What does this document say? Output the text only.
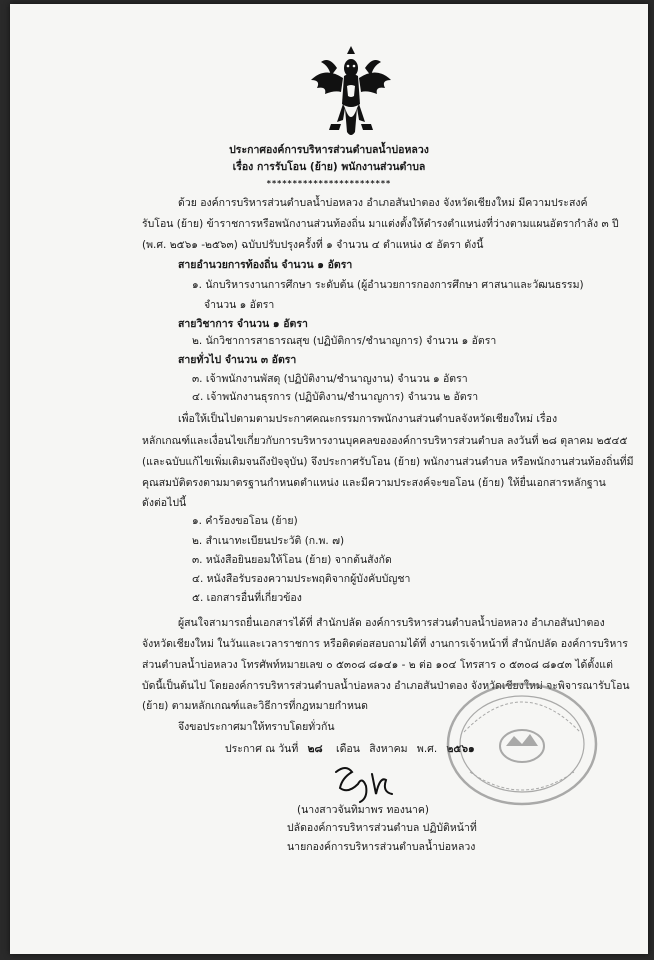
ประกาศองค์การบริหารส่วนตำบลน้ำบ่อหลวง
เรื่อง การรับโอน (ย้าย) พนักงานส่วนตำบล
************************
ด้วย องค์การบริหารส่วนตำบลน้ำบ่อหลวง อำเภอสันป่าตอง จังหวัดเชียงใหม่ มีความประสงค์
รับโอน (ย้าย) ข้าราชการหรือพนักงานส่วนท้องถิ่น มาแต่งตั้งให้ดำรงตำแหน่งที่ว่างตามแผนอัตรากำลัง ๓ ปี
(พ.ศ. ๒๕๖๑ -๒๕๖๓) ฉบับปรับปรุงครั้งที่ ๑ จำนวน ๔ ตำแหน่ง ๕ อัตรา ดังนี้
สายอำนวยการท้องถิ่น จำนวน ๑ อัตรา
๑. นักบริหารงานการศึกษา ระดับต้น (ผู้อำนวยการกองการศึกษา ศาสนาและวัฒนธรรม)
จำนวน ๑ อัตรา
สายวิชาการ จำนวน ๑ อัตรา
๒. นักวิชาการสาธารณสุข (ปฏิบัติการ/ชำนาญการ) จำนวน ๑ อัตรา
สายทั่วไป จำนวน ๓ อัตรา
๓. เจ้าพนักงานพัสดุ (ปฏิบัติงาน/ชำนาญงาน) จำนวน ๑ อัตรา
๔. เจ้าพนักงานธุรการ (ปฏิบัติงาน/ชำนาญการ) จำนวน ๒ อัตรา
เพื่อให้เป็นไปตามตามประกาศคณะกรรมการพนักงานส่วนตำบลจังหวัดเชียงใหม่ เรื่อง
หลักเกณฑ์และเงื่อนไขเกี่ยวกับการบริหารงานบุคคลขององค์การบริหารส่วนตำบล ลงวันที่ ๒๘ ตุลาคม ๒๕๔๕
(และฉบับแก้ไขเพิ่มเติมจนถึงปัจจุบัน) จึงประกาศรับโอน (ย้าย) พนักงานส่วนตำบล หรือพนักงานส่วนท้องถิ่นที่มี
คุณสมบัติตรงตามมาตรฐานกำหนดตำแหน่ง และมีความประสงค์จะขอโอน (ย้าย) ให้ยื่นเอกสารหลักฐาน
ดังต่อไปนี้
๑. คำร้องขอโอน (ย้าย)
๒. สำเนาทะเบียนประวัติ (ก.พ. ๗)
๓. หนังสือยินยอมให้โอน (ย้าย) จากต้นสังกัด
๔. หนังสือรับรองความประพฤติจากผู้บังคับบัญชา
๕. เอกสารอื่นที่เกี่ยวข้อง
ผู้สนใจสามารถยื่นเอกสารได้ที่ สำนักปลัด องค์การบริหารส่วนตำบลน้ำบ่อหลวง อำเภอสันป่าตอง
จังหวัดเชียงใหม่ ในวันและเวลาราชการ หรือติดต่อสอบถามได้ที่ งานการเจ้าหน้าที่ สำนักปลัด องค์การบริหาร
ส่วนตำบลน้ำบ่อหลวง โทรศัพท์หมายเลข ๐ ๕๓๐๘ ๘๑๔๑ - ๒ ต่อ ๑๐๔ โทรสาร ๐ ๕๓๐๘ ๘๑๔๓ ได้ตั้งแต่
บัดนี้เป็นต้นไป โดยองค์การบริหารส่วนตำบลน้ำบ่อหลวง อำเภอสันป่าตอง จังหวัดเชียงใหม่ จะพิจารณารับโอน
(ย้าย) ตามหลักเกณฑ์และวิธีการที่กฎหมายกำหนด
จึงขอประกาศมาให้ทราบโดยทั่วกัน
ประกาศ ณ วันที่ ๒๘ เดือน สิงหาคม พ.ศ. ๒๕๖๑
(นางสาวจันทิมาพร ทองนาค)
ปลัดองค์การบริหารส่วนตำบล ปฏิบัติหน้าที่
นายกองค์การบริหารส่วนตำบลน้ำบ่อหลวง
